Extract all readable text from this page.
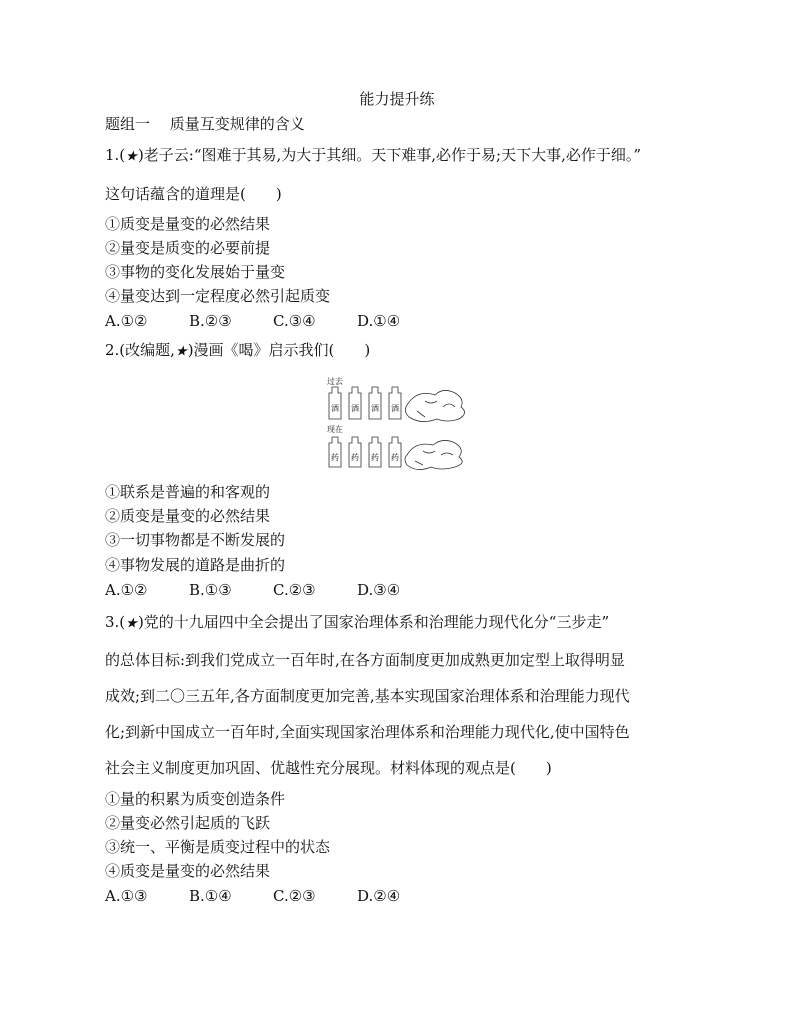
能力提升练
题组一　 质量互变规律的含义
1.(★)老子云:“图难于其易,为大于其细。天下难事,必作于易;天下大事,必作于细。”
这句话蕴含的道理是(　　)
①质变是量变的必然结果
②量变是质变的必要前提
③事物的变化发展始于量变
④量变达到一定程度必然引起质变
A.①②	B.②③	C.③④	D.①④
2.(改编题,★)漫画《喝》启示我们(　　)
过去
现在
酒 酒 酒 酒
药 药 药 药
①联系是普遍的和客观的
②质变是量变的必然结果
③一切事物都是不断发展的
④事物发展的道路是曲折的
A.①②	B.①③	C.②③	D.③④
3.(★)党的十九届四中全会提出了国家治理体系和治理能力现代化分“三步走”
的总体目标:到我们党成立一百年时,在各方面制度更加成熟更加定型上取得明显
成效;到二〇三五年,各方面制度更加完善,基本实现国家治理体系和治理能力现代
化;到新中国成立一百年时,全面实现国家治理体系和治理能力现代化,使中国特色
社会主义制度更加巩固、优越性充分展现。材料体现的观点是(　　)
①量的积累为质变创造条件
②量变必然引起质的飞跃
③统一、平衡是质变过程中的状态
④质变是量变的必然结果
A.①③	B.①④	C.②③	D.②④
